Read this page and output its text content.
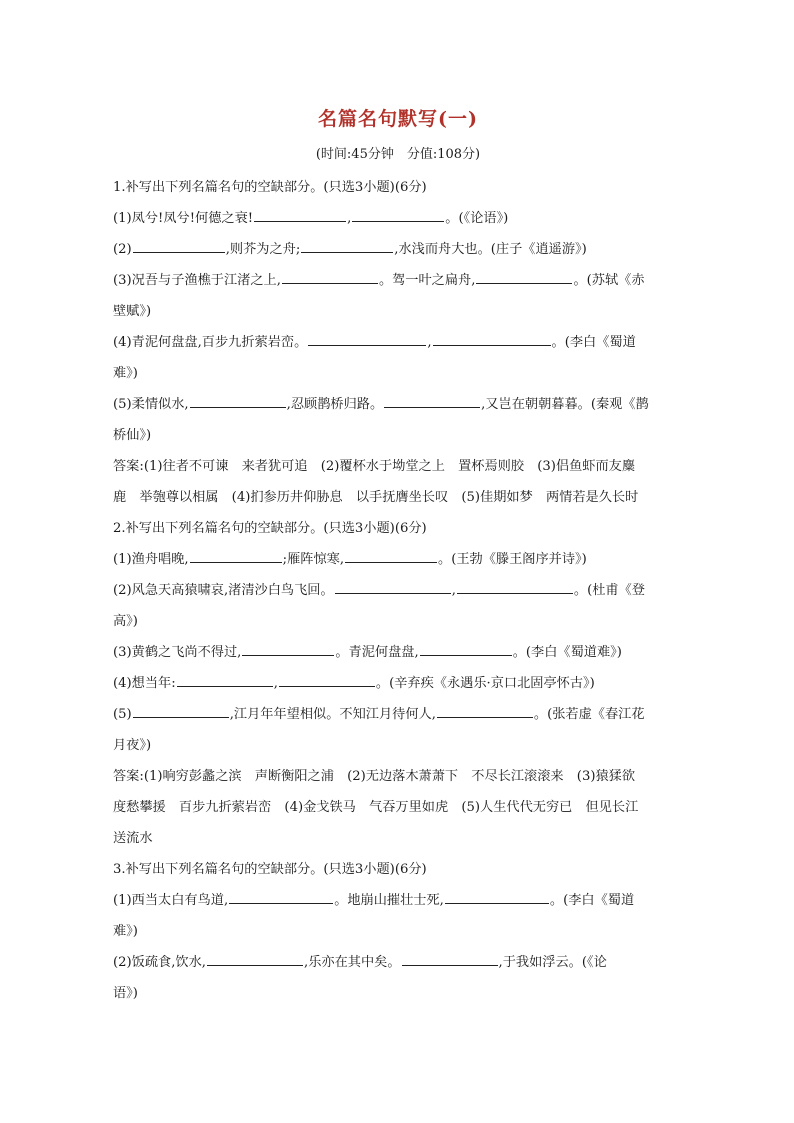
名篇名句默写(一)
(时间:45分钟　分值:108分)
1.补写出下列名篇名句的空缺部分。(只选3小题)(6分)
(1)凤兮!凤兮!何德之衰!	,	。(《论语》)
(2)	,则芥为之舟;	,水浅而舟大也。(庄子《逍遥游》)
(3)况吾与子渔樵于江渚之上,	。驾一叶之扁舟,	。(苏轼《赤
壁赋》)
(4)青泥何盘盘,百步九折萦岩峦。	,	。(李白《蜀道
难》)
(5)柔情似水,	,忍顾鹊桥归路。	,又岂在朝朝暮暮。(秦观《鹊
桥仙》)
答案:(1)往者不可谏　来者犹可追　(2)覆杯水于坳堂之上　置杯焉则胶　(3)侣鱼虾而友麋
鹿　举匏尊以相属　(4)扪参历井仰胁息　以手抚膺坐长叹　(5)佳期如梦　两情若是久长时
2.补写出下列名篇名句的空缺部分。(只选3小题)(6分)
(1)渔舟唱晚,	;雁阵惊寒,	。(王勃《滕王阁序并诗》)
(2)风急天高猿啸哀,渚清沙白鸟飞回。	,	。(杜甫《登
高》)
(3)黄鹤之飞尚不得过,	。青泥何盘盘,	。(李白《蜀道难》)
(4)想当年:	,	。(辛弃疾《永遇乐·京口北固亭怀古》)
(5)	,江月年年望相似。不知江月待何人,	。(张若虚《春江花
月夜》)
答案:(1)响穷彭蠡之滨　声断衡阳之浦　(2)无边落木萧萧下　不尽长江滚滚来　(3)猿猱欲
度愁攀援　百步九折萦岩峦　(4)金戈铁马　气吞万里如虎　(5)人生代代无穷已　但见长江
送流水
3.补写出下列名篇名句的空缺部分。(只选3小题)(6分)
(1)西当太白有鸟道,	。地崩山摧壮士死,	。(李白《蜀道
难》)
(2)饭疏食,饮水,	,乐亦在其中矣。	,于我如浮云。(《论
语》)
